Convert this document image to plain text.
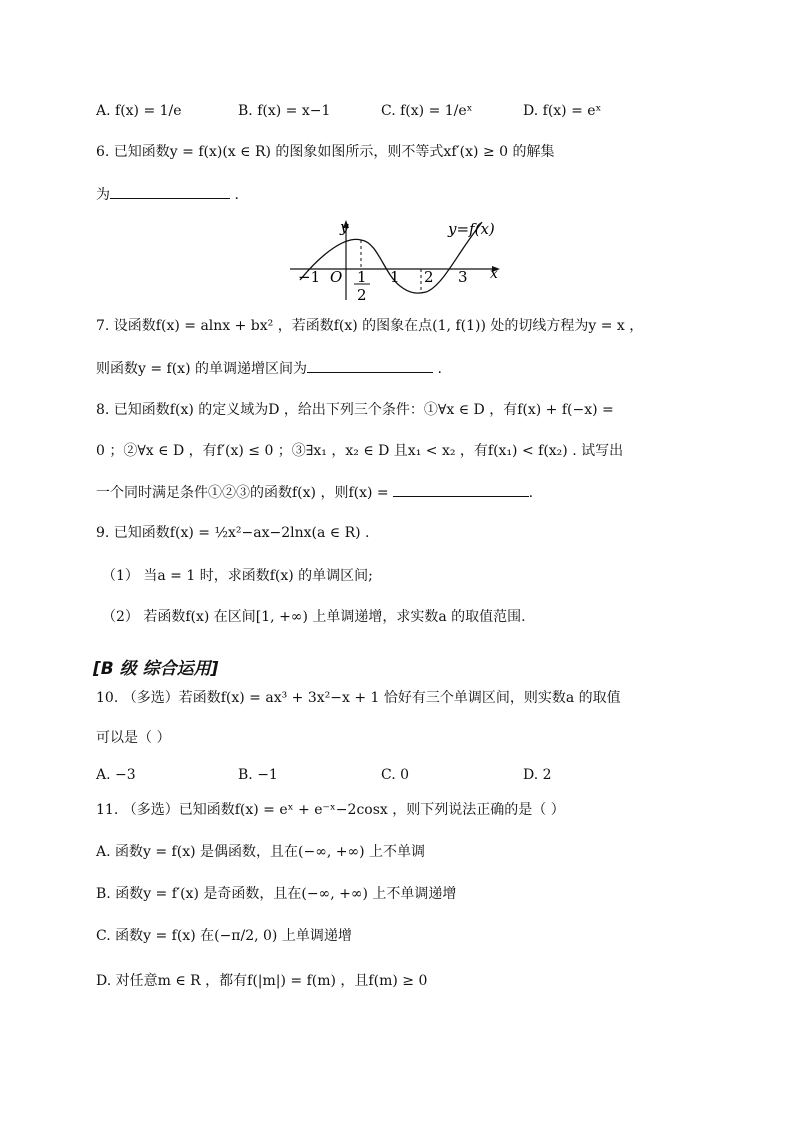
A. f(x) = 1/e	B. f(x) = x−1	C. f(x) = 1/eˣ	D. f(x) = eˣ
6. 已知函数y = f(x)(x ∈ R) 的图象如图所示，则不等式xf′(x) ≥ 0 的解集
为	.
y
x
y=f(x)
−1 O 1
2
1 2 3
7. 设函数f(x) = alnx + bx² ，若函数f(x) 的图象在点(1, f(1)) 处的切线方程为y = x ，
则函数y = f(x) 的单调递增区间为	.
8. 已知函数f(x) 的定义域为D ，给出下列三个条件：①∀x ∈ D ，有f(x) + f(−x) =
0 ；②∀x ∈ D ，有f′(x) ≤ 0 ；③∃x₁ ，x₂ ∈ D 且x₁ < x₂ ，有f(x₁) < f(x₂) . 试写出
一个同时满足条件①②③的函数f(x) ，则f(x) =	.
9. 已知函数f(x) = ½x²−ax−2lnx(a ∈ R) .
（1） 当a = 1 时，求函数f(x) 的单调区间;
（2） 若函数f(x) 在区间[1, +∞) 上单调递增，求实数a 的取值范围.
[B 级 综合运用]
10. （多选）若函数f(x) = ax³ + 3x²−x + 1 恰好有三个单调区间，则实数a 的取值
可以是（ ）
A. −3	B. −1	C. 0	D. 2
11. （多选）已知函数f(x) = eˣ + e⁻ˣ−2cosx ，则下列说法正确的是（ ）
A. 函数y = f(x) 是偶函数，且在(−∞, +∞) 上不单调
B. 函数y = f′(x) 是奇函数，且在(−∞, +∞) 上不单调递增
C. 函数y = f(x) 在(−π/2, 0) 上单调递增
D. 对任意m ∈ R ，都有f(|m|) = f(m) ，且f(m) ≥ 0
